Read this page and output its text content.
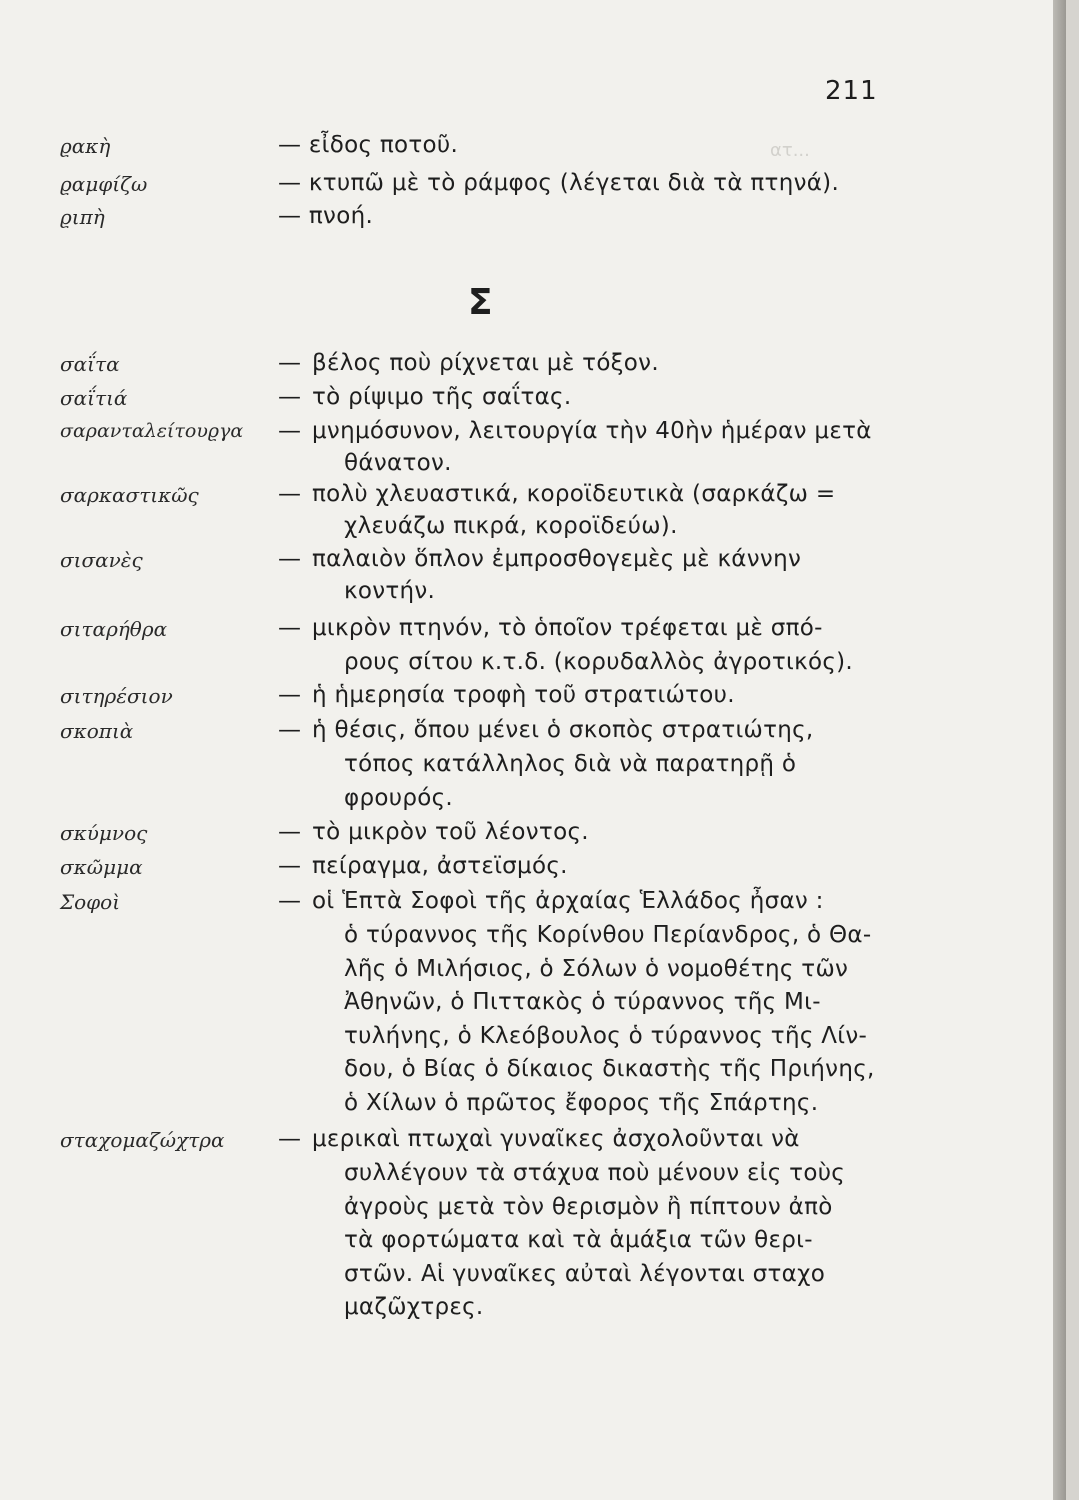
ατ...
211
ϱακὴ	— εἶδος ποτοῦ.
ϱαμφίζω	— κτυπῶ μὲ τὸ ράμφος (λέγεται διὰ τὰ πτηνά).
ϱιπὴ	— πνοή.
Σ
σαΐτα	— βέλος ποὺ ρίχνεται μὲ τόξον.
σαΐτιά	— τὸ ρίψιμο τῆς σαΐτας.
σαρανταλείτουϱγα — μνημόσυνον, λειτουργία τὴν 40ὴν ἡμέραν μετὰ
θάνατον.
σαρκαστικῶς	— πολὺ χλευαστικά, κοροϊδευτικὰ (σαρκάζω =
χλευάζω πικρά, κοροϊδεύω).
σισανὲς	— παλαιὸν ὅπλον ἐμπροσθογεμὲς μὲ κάννην
κοντήν.
σιταρήθρα	— μικρὸν πτηνόν, τὸ ὁποῖον τρέφεται μὲ σπό-
ρους σίτου κ.τ.δ. (κορυδαλλὸς ἀγροτικός).
σιτηρέσιον	— ἡ ἡμερησία τροφὴ τοῦ στρατιώτου.
σκοπιὰ	— ἡ θέσις, ὅπου μένει ὁ σκοπὸς στρατιώτης,
τόπος κατάλληλος διὰ νὰ παρατηρῇ ὁ
φρουρός.
σκύμνος	— τὸ μικρὸν τοῦ λέοντος.
σκῶμμα	— πείραγμα, ἀστεϊσμός.
Σοφοὶ	— οἱ Ἑπτὰ Σοφοὶ τῆς ἀρχαίας Ἑλλάδος ἦσαν :
ὁ τύραννος τῆς Κορίνθου Περίανδρος, ὁ Θα-
λῆς ὁ Μιλήσιος, ὁ Σόλων ὁ νομοθέτης τῶν
Ἀθηνῶν, ὁ Πιττακὸς ὁ τύραννος τῆς Μι-
τυλήνης, ὁ Κλεόβουλος ὁ τύραννος τῆς Λίν-
δου, ὁ Βίας ὁ δίκαιος δικαστὴς τῆς Πριήνης,
ὁ Χίλων ὁ πρῶτος ἔφορος τῆς Σπάρτης.
σταχομαζώχτρα — μερικαὶ πτωχαὶ γυναῖκες ἀσχολοῦνται νὰ
συλλέγουν τὰ στάχυα ποὺ μένουν εἰς τοὺς
ἀγροὺς μετὰ τὸν θερισμὸν ἢ πίπτουν ἀπὸ
τὰ φορτώματα καὶ τὰ ἁμάξια τῶν θερι-
στῶν. Αἱ γυναῖκες αὐταὶ λέγονται σταχο
μαζῶχτρες.
